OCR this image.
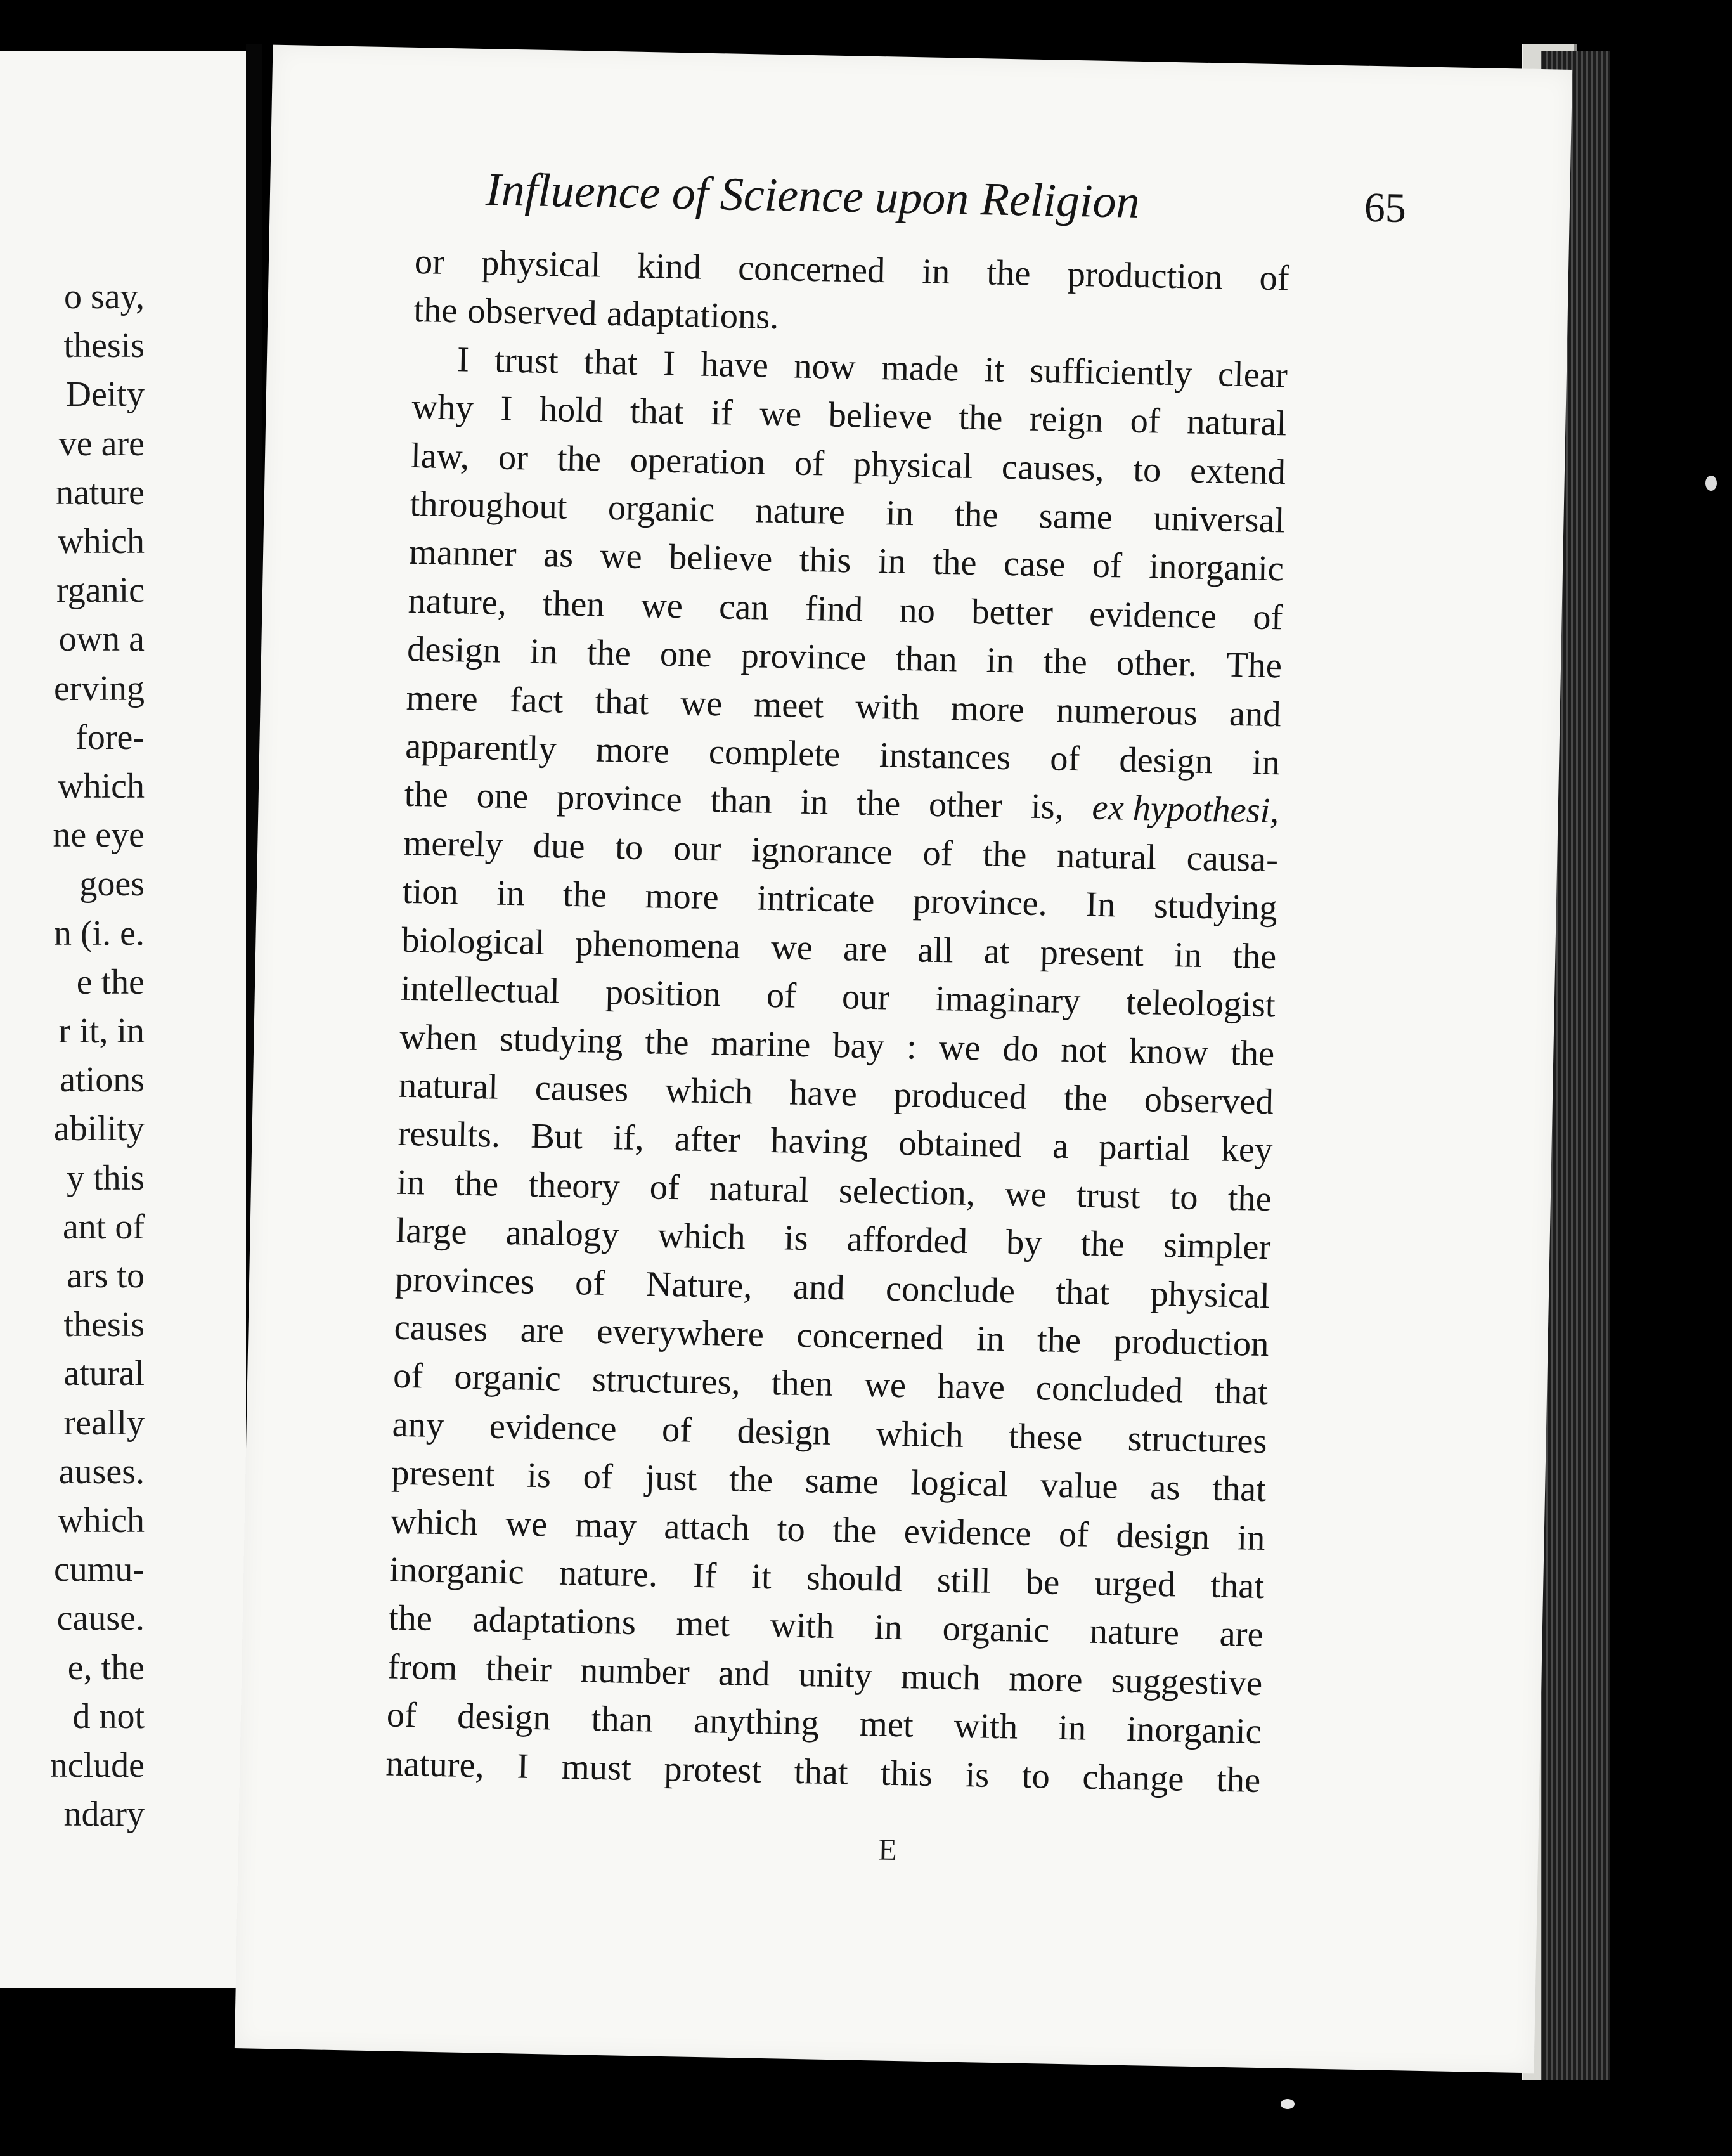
o say,
thesis
Deity
ve are
nature
which
rganic
own a
erving
fore-
which
ne eye
goes
n (i. e.
e the
r it, in
ations
ability
y this
ant of
ars to
thesis
atural
really
auses.
which
cumu-
cause.
e, the
d not
nclude
ndary
Influence of Science upon Religion	65
or physical kind concerned in the production of
the observed adaptations.
I trust that I have now made it sufficiently clear
why I hold that if we believe the reign of natural
law, or the operation of physical causes, to extend
throughout organic nature in the same universal
manner as we believe this in the case of inorganic
nature, then we can find no better evidence of
design in the one province than in the other. The
mere fact that we meet with more numerous and
apparently more complete instances of design in
the one province than in the other is, ex hypothesi,
merely due to our ignorance of the natural causa-
tion in the more intricate province. In studying
biological phenomena we are all at present in the
intellectual position of our imaginary teleologist
when studying the marine bay : we do not know the
natural causes which have produced the observed
results. But if, after having obtained a partial key
in the theory of natural selection, we trust to the
large analogy which is afforded by the simpler
provinces of Nature, and conclude that physical
causes are everywhere concerned in the production
of organic structures, then we have concluded that
any evidence of design which these structures
present is of just the same logical value as that
which we may attach to the evidence of design in
inorganic nature. If it should still be urged that
the adaptations met with in organic nature are
from their number and unity much more suggestive
of design than anything met with in inorganic
nature, I must protest that this is to change the
E
